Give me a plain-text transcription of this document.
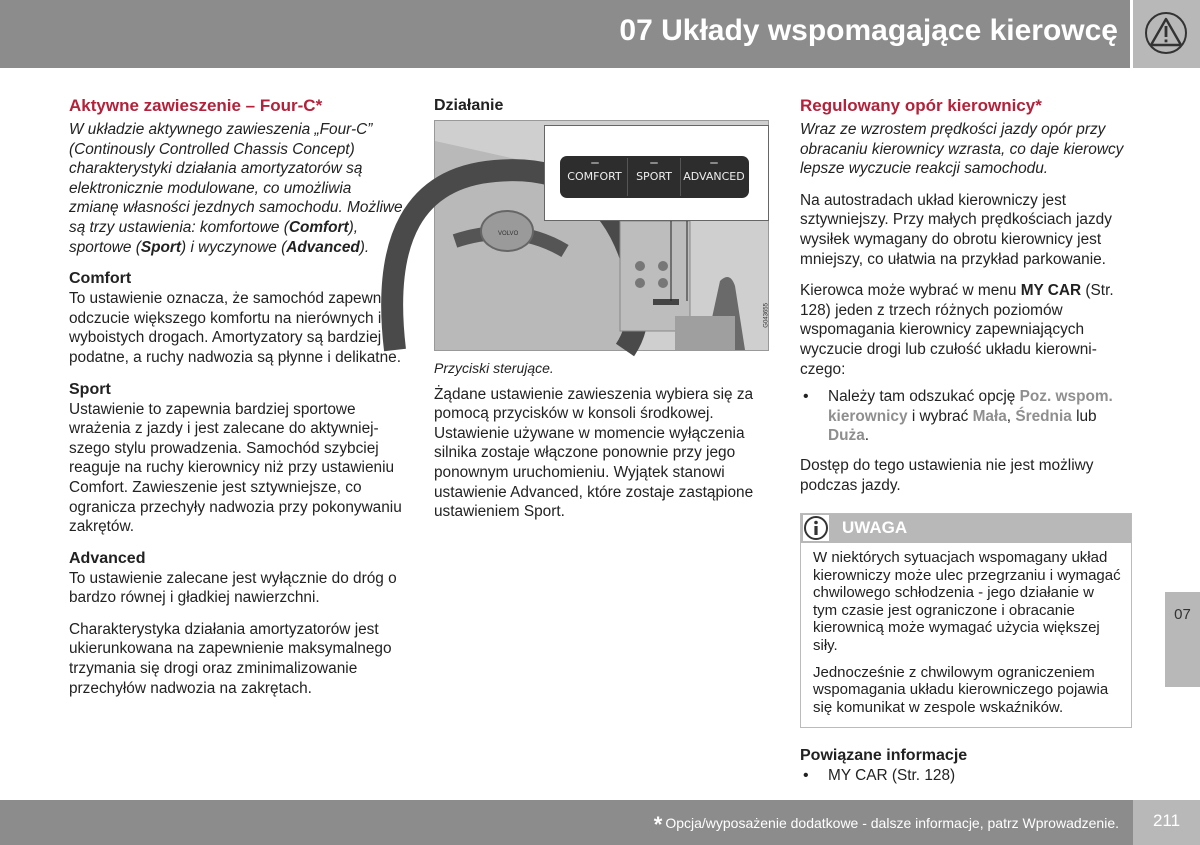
07 Układy wspomagające kierowcę
Aktywne zawieszenie – Four-C*

W układzie aktywnego zawieszenia „Four-C” (Continously Controlled Chassis Concept) charakterystyki działania amortyzatorów są elektronicznie modulowane, co umożliwia zmianę własności jezdnych samochodu. Możliwe są trzy ustawienia: komfortowe (Comfort), sportowe (Sport) i wyczynowe (Advanced).

Comfort

To ustawienie oznacza, że samochód zapewnia odczucie większego komfortu na nierównych i wyboistych drogach. Amortyzatory są bardziej podatne, a ruchy nadwozia są płynne i delikatne.

Sport

Ustawienie to zapewnia bardziej sportowe wrażenia z jazdy i jest zalecane do aktywniejszego stylu prowadzenia. Samochód szybciej reaguje na ruchy kierownicy niż przy ustawieniu Comfort. Zawieszenie jest sztywniejsze, co ogranicza przechyły nadwozia przy pokonywaniu zakrętów.

Advanced

To ustawienie zalecane jest wyłącznie do dróg o bardzo równej i gładkiej nawierzchni.

Charakterystyka działania amortyzatorów jest ukierunkowana na zapewnienie maksymalnego trzymania się drogi oraz zminimalizowanie przechyłów nadwozia na zakrętach.

Działanie
VOLVO
COMFORT	SPORT	ADVANCED
G043655
Przyciski sterujące.

Żądane ustawienie zawieszenia wybiera się za pomocą przycisków w konsoli środkowej. Ustawienie używane w momencie wyłączenia silnika zostaje włączone ponownie przy jego ponownym uruchomieniu. Wyjątek stanowi ustawienie Advanced, które zostaje zastąpione ustawieniem Sport.

Regulowany opór kierownicy*

Wraz ze wzrostem prędkości jazdy opór przy obracaniu kierownicy wzrasta, co daje kierowcy lepsze wyczucie reakcji samochodu.

Na autostradach układ kierowniczy jest sztywniejszy. Przy małych prędkościach jazdy wysiłek wymagany do obrotu kierownicy jest mniejszy, co ułatwia na przykład parkowanie.

Kierowca może wybrać w menu MY CAR (Str. 128) jeden z trzech różnych poziomów wspomagania kierownicy zapewniających wyczucie drogi lub czułość układu kierowniczego:

• Należy tam odszukać opcję Poz. wspom. kierownicy i wybrać Mała, Średnia lub Duża.

Dostęp do tego ustawienia nie jest możliwy podczas jazdy.

UWAGA

W niektórych sytuacjach wspomagany układ kierowniczy może ulec przegrzaniu i wymagać chwilowego schłodzenia - jego działanie w tym czasie jest ograniczone i obracanie kierownicą może wymagać użycia większej siły.

Jednocześnie z chwilowym ograniczeniem wspomagania układu kierowniczego pojawia się komunikat w zespole wskaźników.

Powiązane informacje
• MY CAR (Str. 128)
07
* Opcja/wyposażenie dodatkowe - dalsze informacje, patrz Wprowadzenie.	211
